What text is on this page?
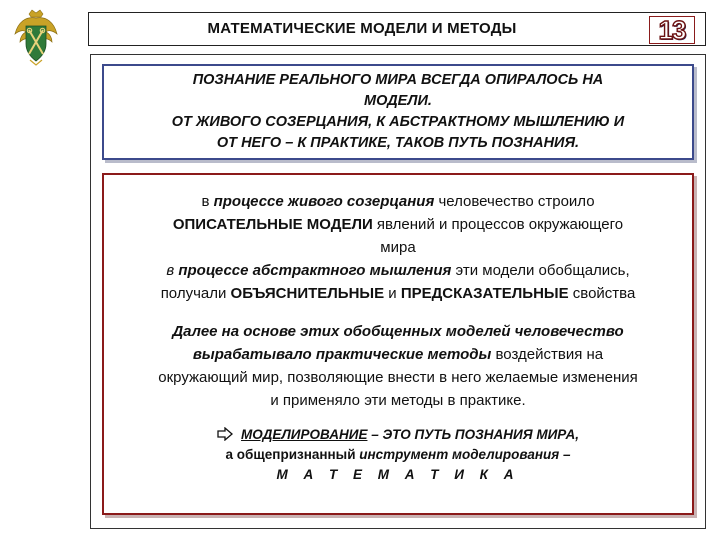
МАТЕМАТИЧЕСКИЕ МОДЕЛИ И МЕТОДЫ	13
ПОЗНАНИЕ РЕАЛЬНОГО МИРА ВСЕГДА ОПИРАЛОСЬ НА
МОДЕЛИ.
ОТ ЖИВОГО СОЗЕРЦАНИЯ, К АБСТРАКТНОМУ МЫШЛЕНИЮ И
ОТ НЕГО – К ПРАКТИКЕ, ТАКОВ ПУТЬ ПОЗНАНИЯ.
в процессе живого созерцания человечество строило
ОПИСАТЕЛЬНЫЕ МОДЕЛИ явлений и процессов окружающего
мира
в процессе абстрактного мышления эти модели обобщались,
получали ОБЪЯСНИТЕЛЬНЫЕ и ПРЕДСКАЗАТЕЛЬНЫЕ свойства
Далее на основе этих обобщенных моделей человечество
вырабатывало практические методы воздействия на
окружающий мир, позволяющие внести в него желаемые изменения
и применяло эти методы в практике.
МОДЕЛИРОВАНИЕ – ЭТО ПУТЬ ПОЗНАНИЯ МИРА,
а общепризнанный инструмент моделирования –
М А Т Е М А Т И К А
